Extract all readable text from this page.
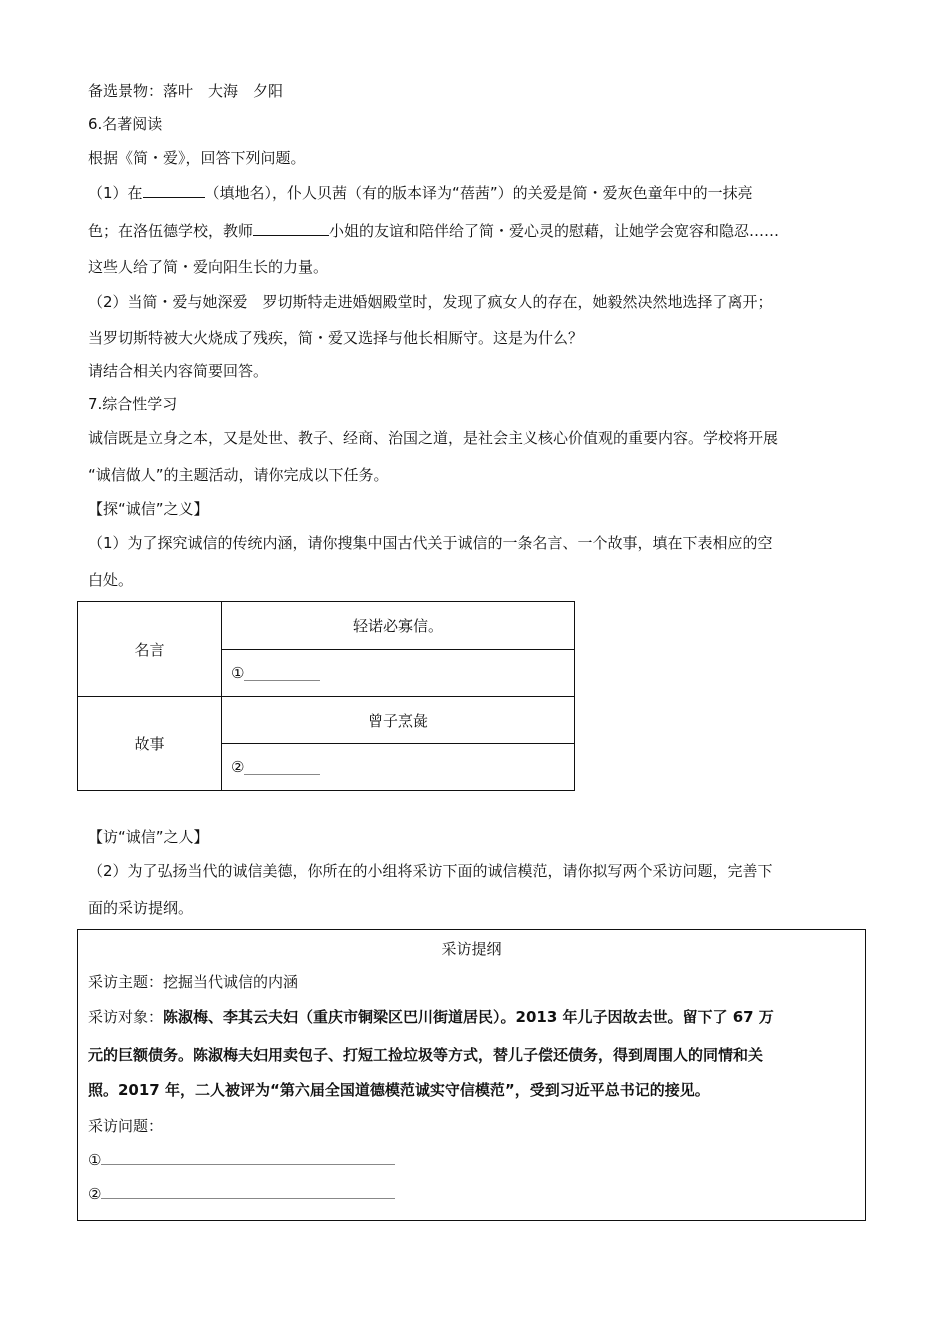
备选景物：落叶　大海　夕阳
6.名著阅读
根据《简・爱》，回答下列问题。
（1）在	（填地名），仆人贝茜（有的版本译为“蓓茜”）的关爱是简・爱灰色童年中的一抹亮
色；在洛伍德学校，教师	小姐的友谊和陪伴给了简・爱心灵的慰藉，让她学会宽容和隐忍……
这些人给了简・爱向阳生长的力量。
（2）当简・爱与她深爱　罗切斯特走进婚姻殿堂时，发现了疯女人的存在，她毅然决然地选择了离开；
当罗切斯特被大火烧成了残疾，简・爱又选择与他长相厮守。这是为什么？
请结合相关内容简要回答。
7.综合性学习
诚信既是立身之本，又是处世、教子、经商、治国之道，是社会主义核心价值观的重要内容。学校将开展
“诚信做人”的主题活动，请你完成以下任务。
【探“诚信”之义】
（1）为了探究诚信的传统内涵，请你搜集中国古代关于诚信的一条名言、一个故事，填在下表相应的空
白处。
名言
轻诺必寡信。
①
故事
曾子烹彘
②
【访“诚信”之人】
（2）为了弘扬当代的诚信美德，你所在的小组将采访下面的诚信模范，请你拟写两个采访问题，完善下
面的采访提纲。
采访提纲
采访主题：挖掘当代诚信的内涵
采访对象：陈淑梅、李其云夫妇（重庆市铜梁区巴川街道居民）。2013 年儿子因故去世。留下了 67 万
元的巨额债务。陈淑梅夫妇用卖包子、打短工捡垃圾等方式，替儿子偿还债务，得到周围人的同情和关
照。2017 年，二人被评为“第六届全国道德模范诚实守信模范”，受到习近平总书记的接见。
采访问题：
①
②
